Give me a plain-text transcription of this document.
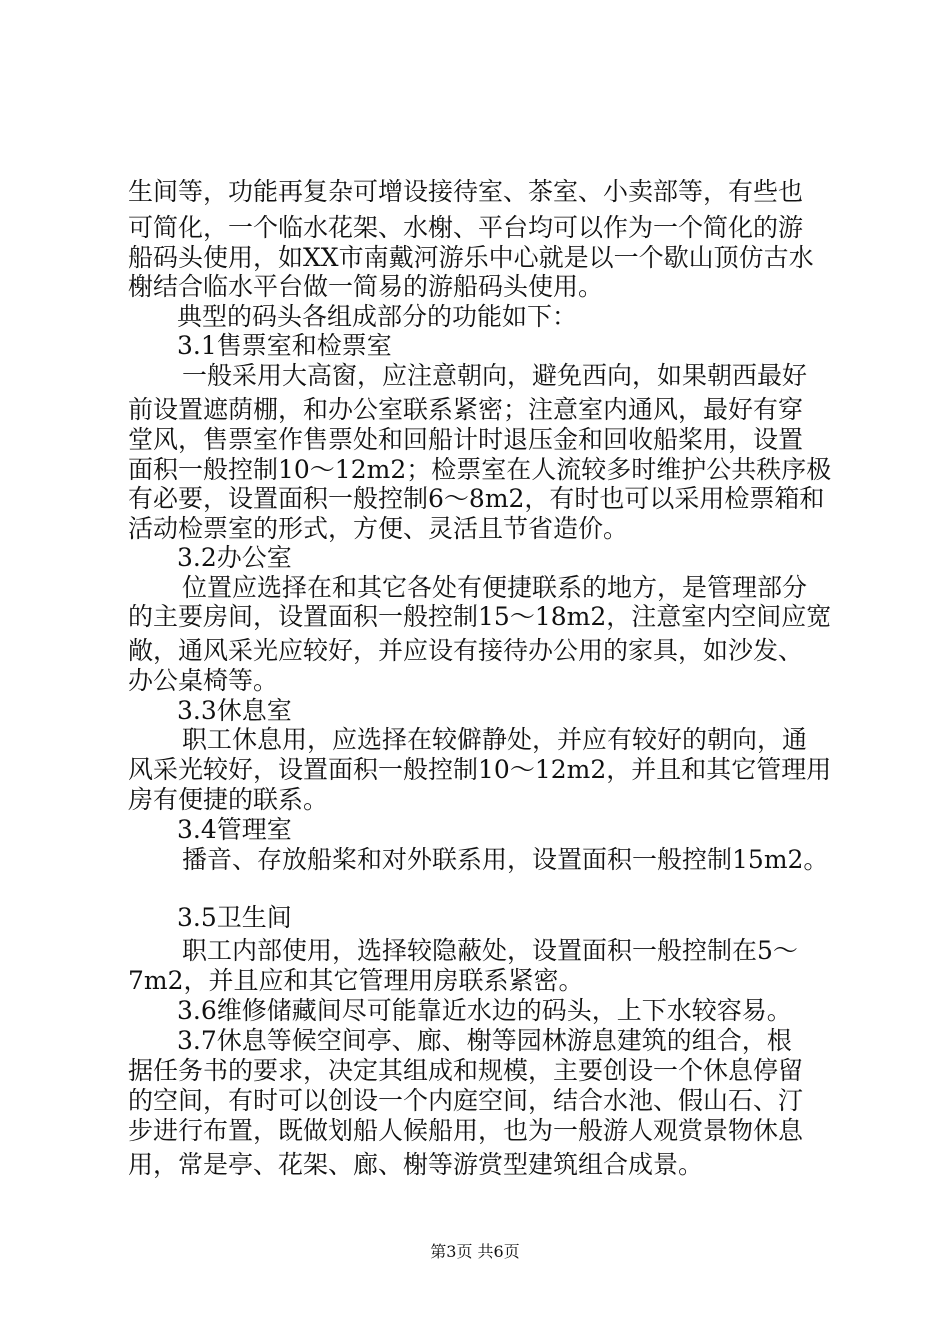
生间等，功能再复杂可增设接待室、茶室、小卖部等，有些也
可简化，一个临水花架、水榭、平台均可以作为一个简化的游
船码头使用，如XX市南戴河游乐中心就是以一个歇山顶仿古水
榭结合临水平台做一简易的游船码头使用。
典型的码头各组成部分的功能如下：
3.1售票室和检票室
一般采用大高窗，应注意朝向，避免西向，如果朝西最好
前设置遮荫棚，和办公室联系紧密；注意室内通风，最好有穿
堂风，售票室作售票处和回船计时退压金和回收船桨用，设置
面积一般控制10～12m2；检票室在人流较多时维护公共秩序极
有必要，设置面积一般控制6～8m2，有时也可以采用检票箱和
活动检票室的形式，方便、灵活且节省造价。
3.2办公室
位置应选择在和其它各处有便捷联系的地方，是管理部分
的主要房间，设置面积一般控制15～18m2，注意室内空间应宽
敞，通风采光应较好，并应设有接待办公用的家具，如沙发、
办公桌椅等。
3.3休息室
职工休息用，应选择在较僻静处，并应有较好的朝向，通
风采光较好，设置面积一般控制10～12m2，并且和其它管理用
房有便捷的联系。
3.4管理室
播音、存放船桨和对外联系用，设置面积一般控制15m2。
3.5卫生间
职工内部使用，选择较隐蔽处，设置面积一般控制在5～
7m2，并且应和其它管理用房联系紧密。
3.6维修储藏间尽可能靠近水边的码头，上下水较容易。
3.7休息等候空间亭、廊、榭等园林游息建筑的组合，根
据任务书的要求，决定其组成和规模，主要创设一个休息停留
的空间，有时可以创设一个内庭空间，结合水池、假山石、汀
步进行布置，既做划船人候船用，也为一般游人观赏景物休息
用，常是亭、花架、廊、榭等游赏型建筑组合成景。
第3页 共6页
